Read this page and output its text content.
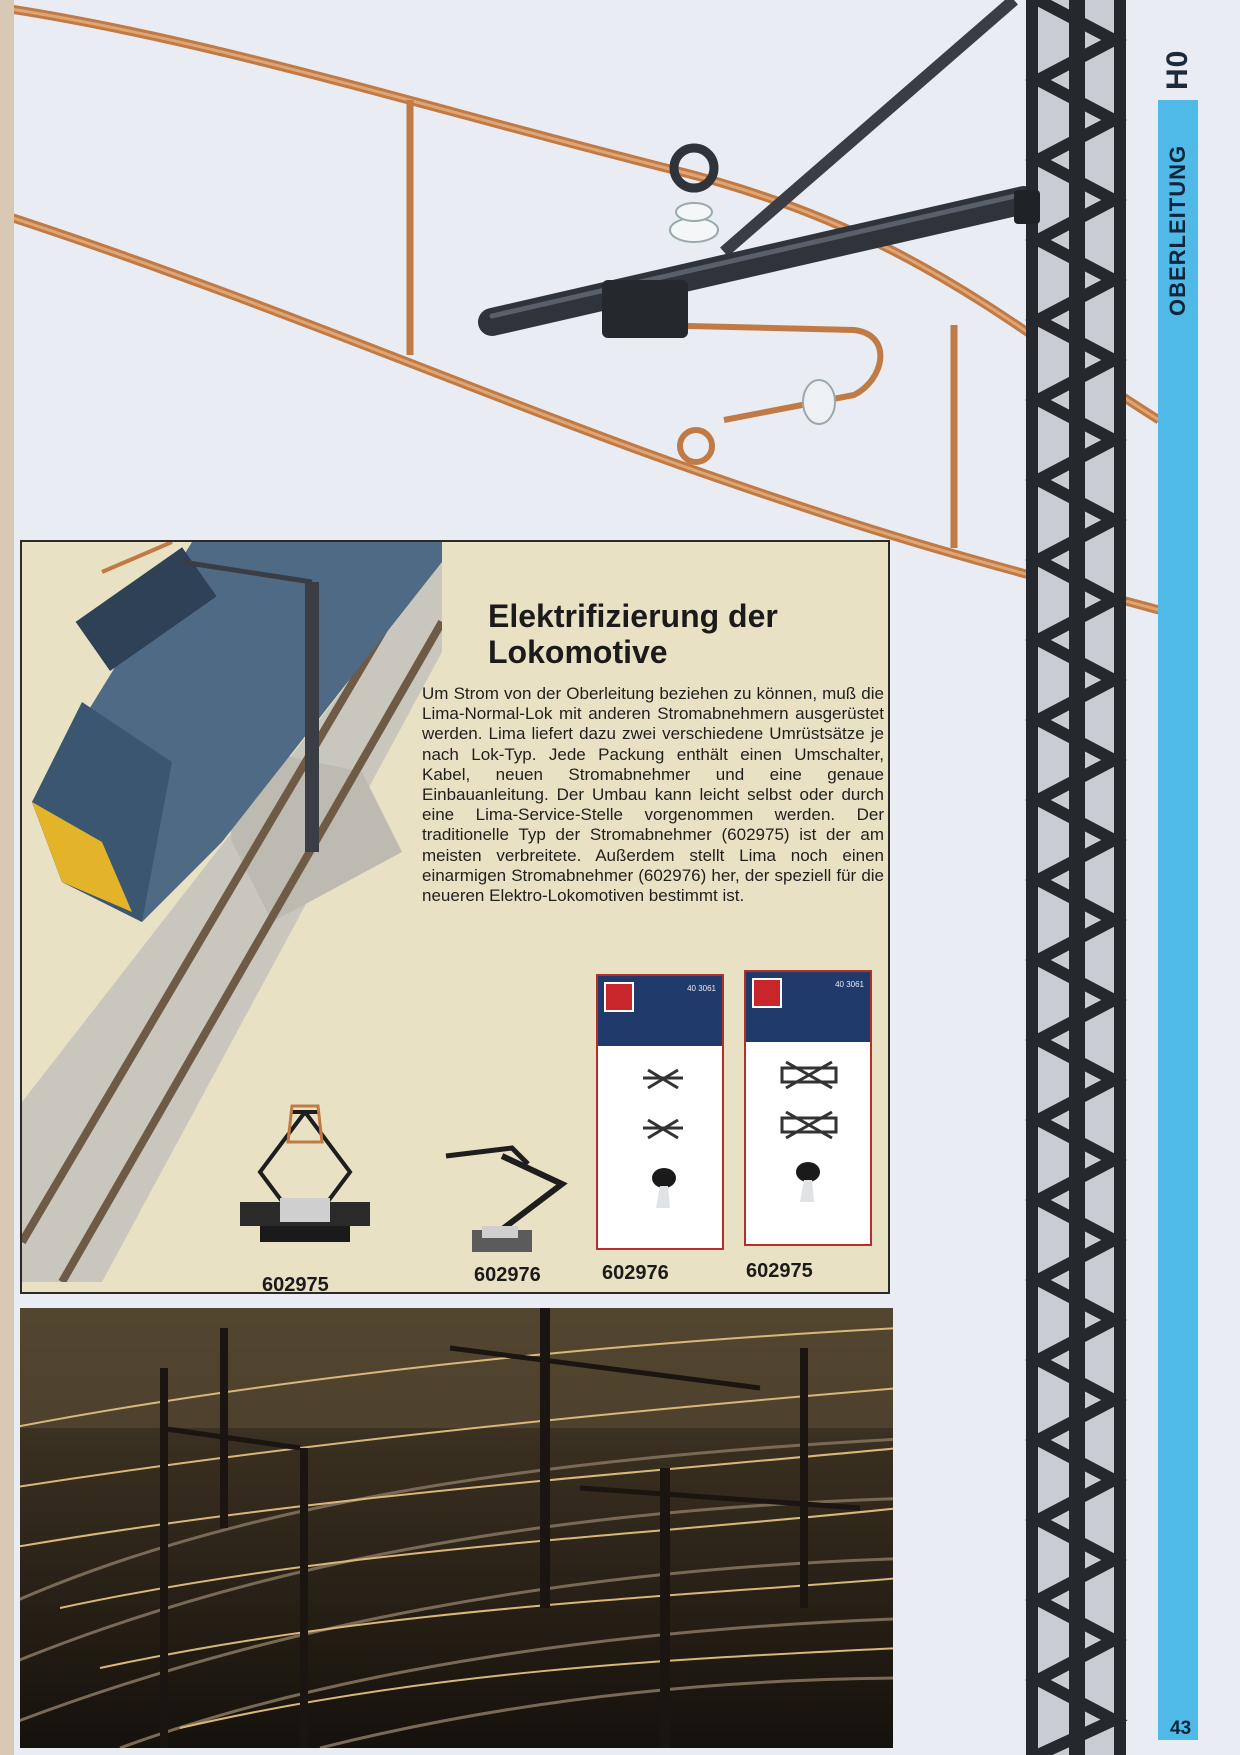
H0
OBERLEITUNG
Elektrifizierung der
Lokomotive

Um Strom von der Oberleitung beziehen zu können, muß die Lima-Normal-Lok mit anderen Stromabnehmern ausgerüstet werden. Lima liefert dazu zwei verschiedene Umrüstsätze je nach Lok-Typ. Jede Packung enthält einen Umschalter, Kabel, neuen Stromabnehmer und eine genaue Einbauanleitung. Der Umbau kann leicht selbst oder durch eine Lima-Service-Stelle vorgenommen werden. Der traditionelle Typ der Stromabnehmer (602975) ist der am meisten verbreitete. Außerdem stellt Lima noch einen einarmigen Stromabnehmer (602976) her, der speziell für die neueren Elektro-Lokomotiven bestimmt ist.

40 3061	40 3061

602975	602976	602976	602975

43
